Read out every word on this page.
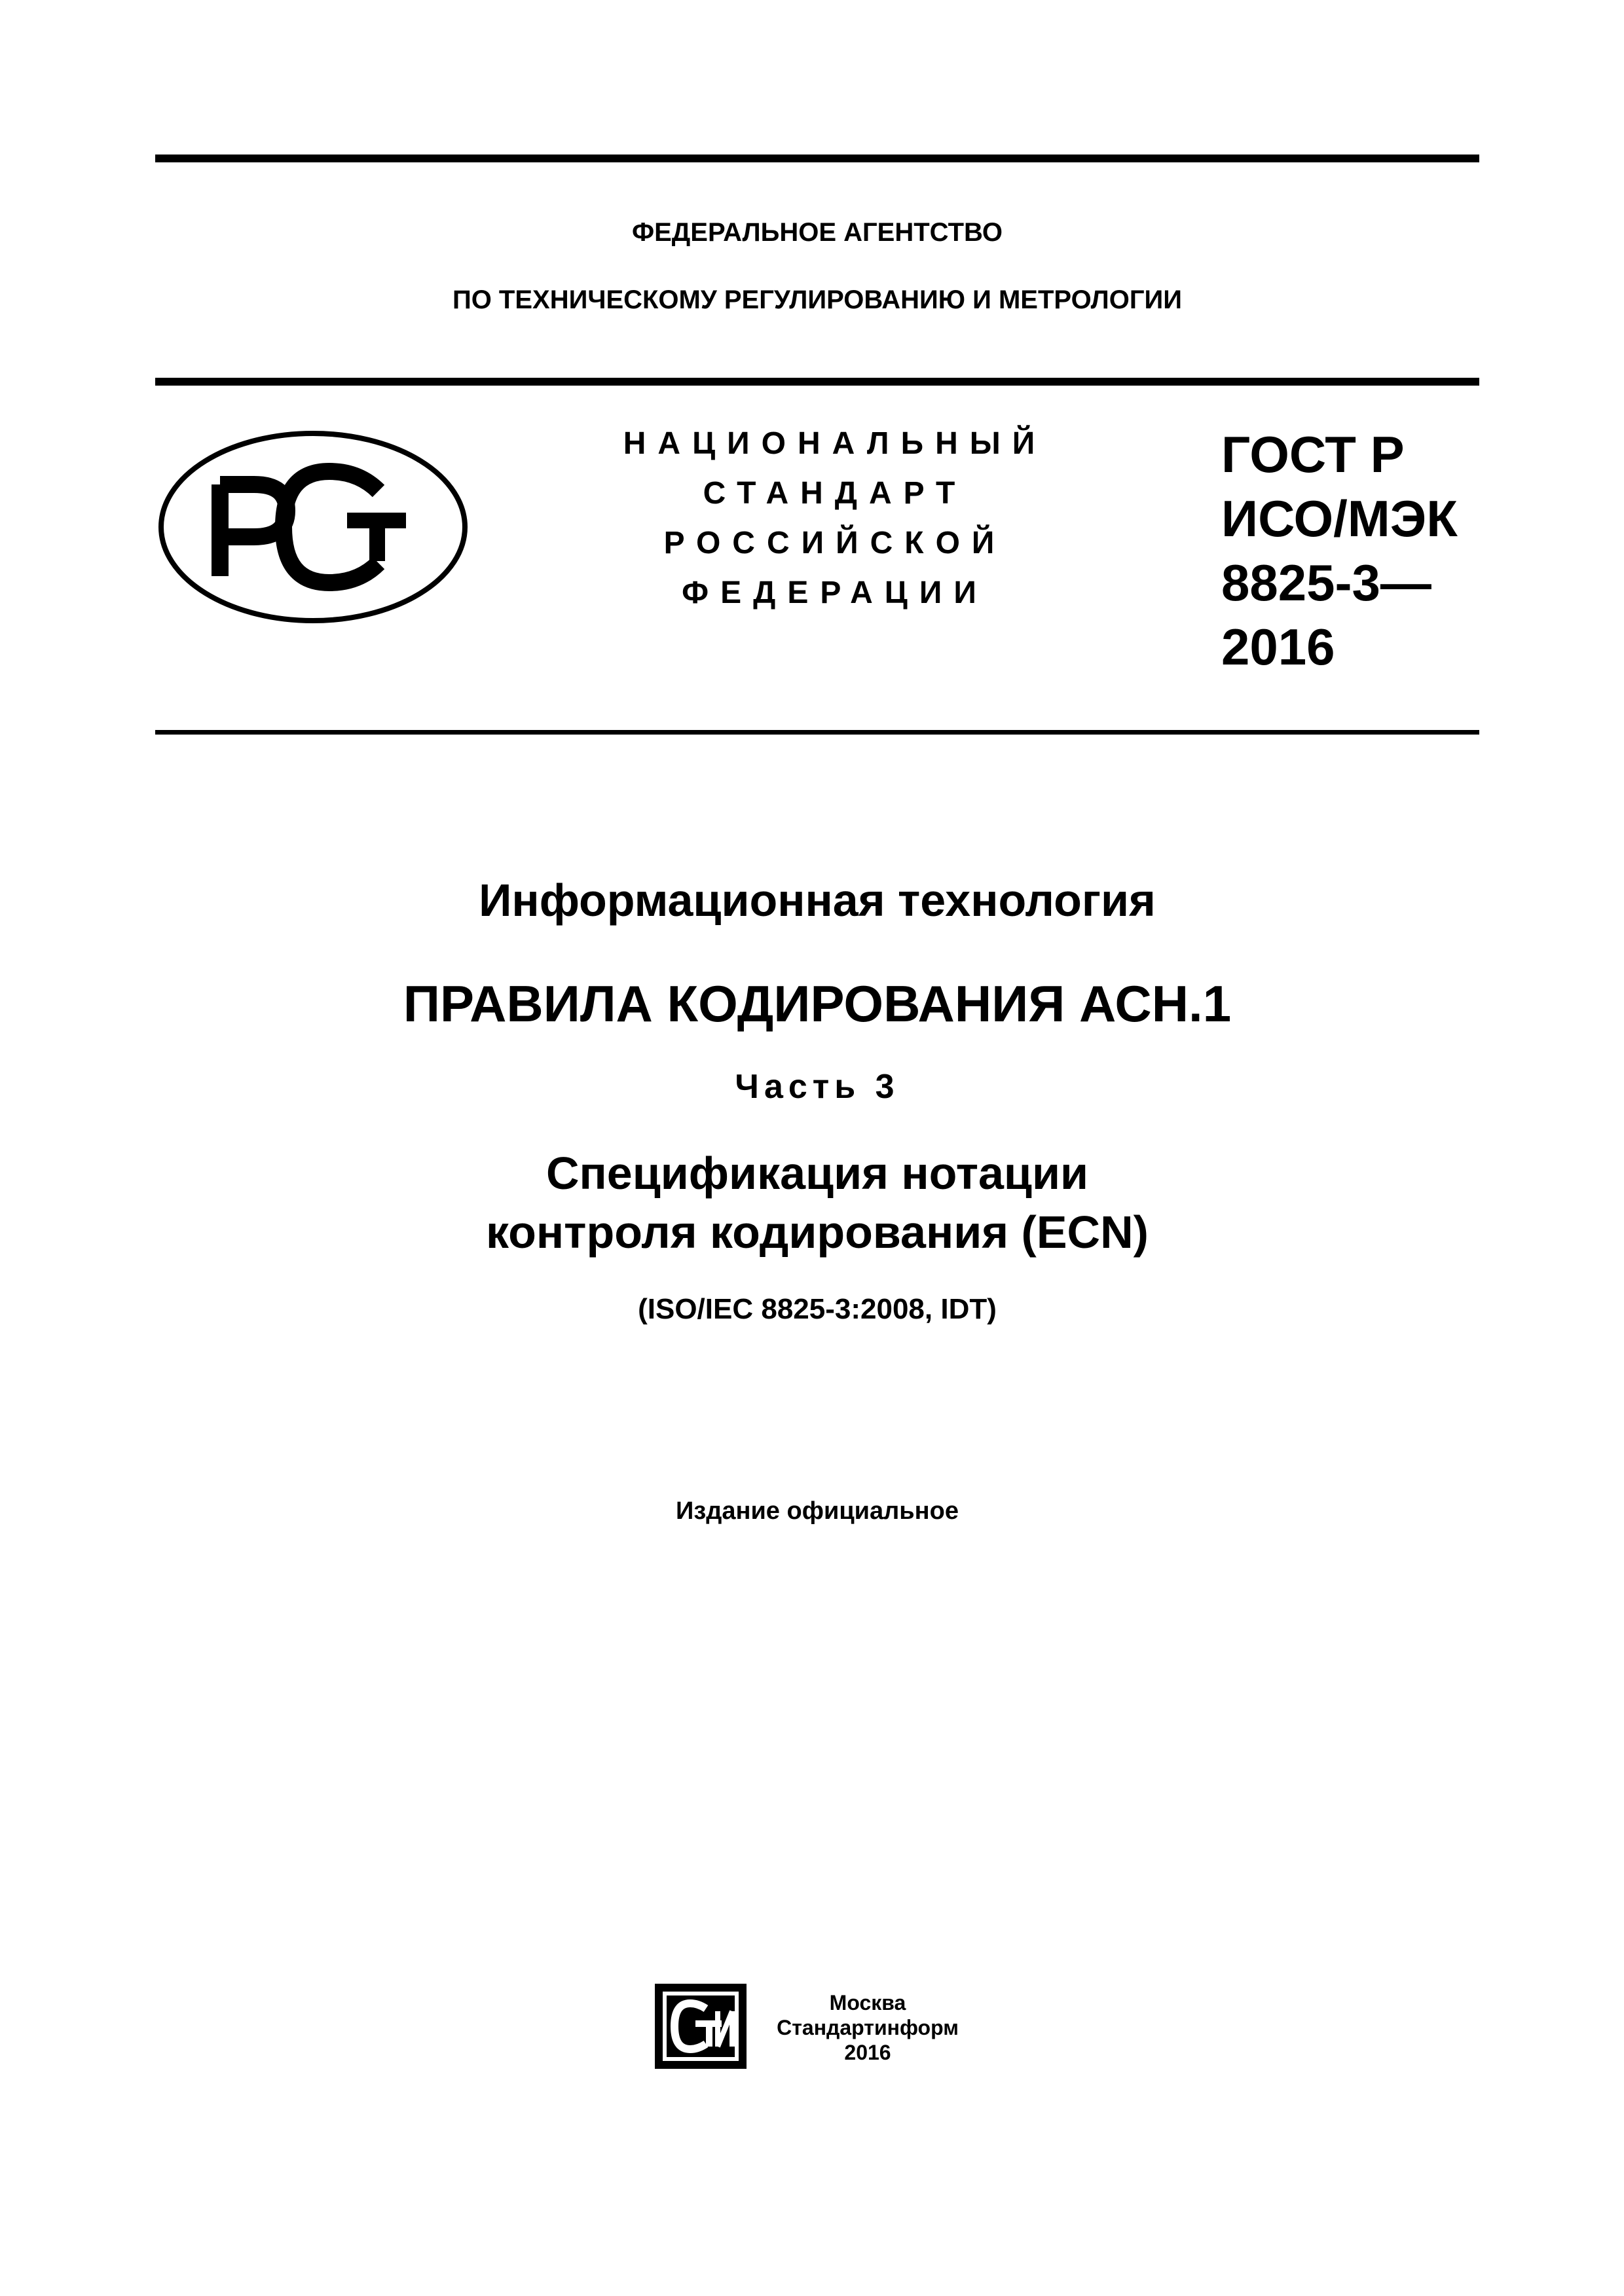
ФЕДЕРАЛЬНОЕ АГЕНТСТВО
ПО ТЕХНИЧЕСКОМУ РЕГУЛИРОВАНИЮ И МЕТРОЛОГИИ
НАЦИОНАЛЬНЫЙ
СТАНДАРТ
РОССИЙСКОЙ
ФЕДЕРАЦИИ
ГОСТ Р
ИСО/МЭК
8825-3—
2016
Информационная технология
ПРАВИЛА КОДИРОВАНИЯ АСН.1
Часть 3
Спецификация нотации
контроля кодирования (ECN)
(ISO/IEC 8825-3:2008, IDT)
Издание официальное
Москва
Стандартинформ
2016
